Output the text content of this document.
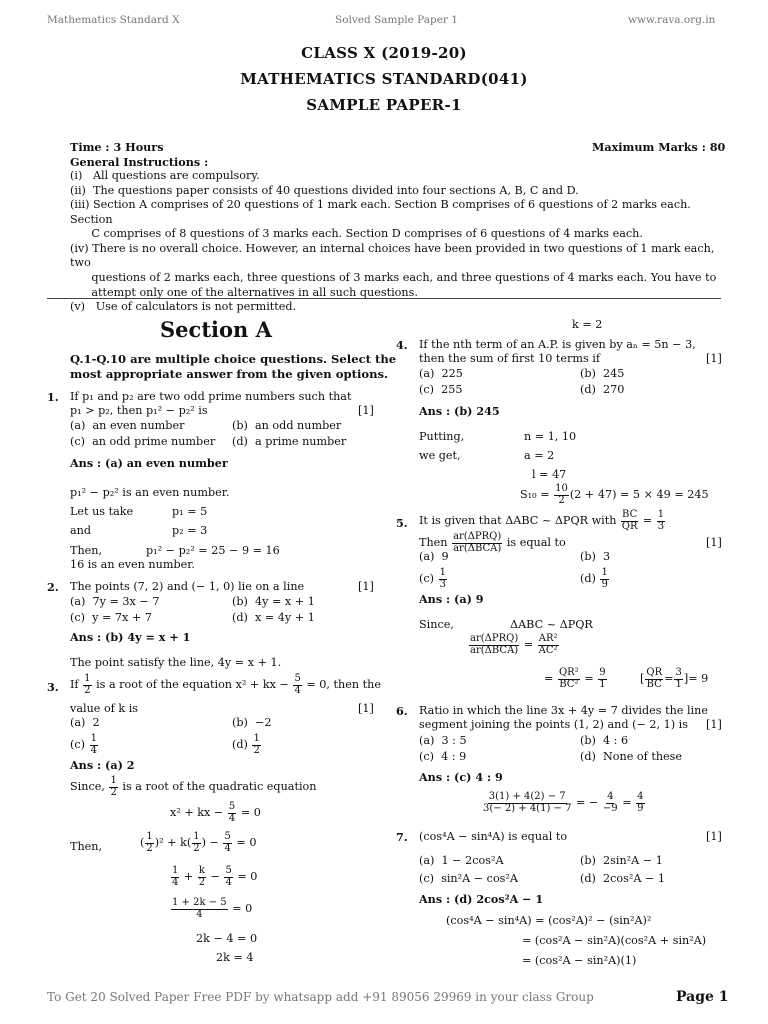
Mathematics Standard X	Solved Sample Paper 1	www.rava.org.in
CLASS X (2019-20)
MATHEMATICS STANDARD(041)
SAMPLE PAPER-1
Time : 3 Hours	Maximum Marks : 80
General Instructions :
(i)   All questions are compulsory.
(ii)  The questions paper consists of 40 questions divided into four sections A, B, C and D.
(iii) Section A comprises of 20 questions of 1 mark each. Section B comprises of 6 questions of 2 marks each. Section
C comprises of 8 questions of 3 marks each. Section D comprises of 6 questions of 4 marks each.
(iv) There is no overall choice. However, an internal choices have been provided in two questions of 1 mark each, two
questions of 2 marks each, three questions of 3 marks each, and three questions of 4 marks each. You have to
attempt only one of the alternatives in all such questions.
(v)   Use of calculators is not permitted.
Section A
Q.1-Q.10 are multiple choice questions. Select the
most appropriate answer from the given options.
1. If p₁ and p₂ are two odd prime numbers such that
p₁ > p₂, then p₁² − p₂² is	[1]
(a)  an even number	(b)  an odd number
(c)  an odd prime number (d)  a prime number
Ans : (a) an even number
p₁² − p₂² is an even number.
Let us take	p₁ = 5
and	p₂ = 3
Then,	p₁² − p₂² = 25 − 9 = 16
16 is an even number.
2. The points (7, 2) and (− 1, 0) lie on a line	[1]
(a)  7y = 3x − 7	(b)  4y = x + 1
(c)  y = 7x + 7	(d)  x = 4y + 1
Ans : (b) 4y = x + 1
The point satisfy the line, 4y = x + 1.
3. If $\frac{1}{2}$ is a root of the equation x² + kx − $\frac{5}{4} = 0$, then the
value of k is	[1]
(a)  2	(b)  −2
$(c) \frac{1}{4}$	$(d) \frac{1}{2}$
Ans : (a) 2
Since, $\frac{1}{2}$ is a root of the quadratic equation
x² + kx − $\frac{5}{4} = 0$
Then,	( $\frac{1}{2} )^2 + k( \frac{1}{2}$ ) − $\frac{5}{4} = 0$
$\frac{1}{4} + \frac{k}{2} - \frac{5}{4} = 0$
$\frac{1 + 2k - 5}{4} = 0$
2k − 4 = 0
2k = 4
k = 2
4. If the nth term of an A.P. is given by aₙ = 5n − 3,
then the sum of first 10 terms if	[1]
(a)  225	(b)  245
(c)  255	(d)  270
Ans : (b) 245
Putting,	n = 1, 10
we get,	a = 2
l = 47
$S_{10} = \frac{10}{2} (2 + 47) = 5 \times 49 = 245$
5. It is given that ΔABC ~ ΔPQR with $\frac{BC}{QR} = \frac{1}{3}$
Then $\frac{\text{ar(ΔPRQ)}}{\text{ar(ΔBCA)}}$ is equal to	[1]
(a)  9	(b)  3
$(c) \frac{1}{3}$	$(d) \frac{1}{9}$
Ans : (a) 9
Since,	ΔABC ~ ΔPQR
$\frac{\text{ar(ΔPRQ)}}{\text{ar(ΔBCA)}} = \frac{\text{AR²}}{\text{AC²}}$
= $\frac{\text{QR²}}{\text{BC²}} = \frac{9}{1}$	[ $\frac{QR}{BC} = \frac{3}{1}$ ]= 9
6. Ratio in which the line 3x + 4y = 7 divides the line
segment joining the points (1, 2) and (− 2, 1) is [1]
(a)  3 : 5	(b)  4 : 6
(c)  4 : 9	(d)  None of these
Ans : (c) 4 : 9
$\frac{3(1) + 4(2) - 7}{3(- 2) + 4(1) - 7}$ = − $\frac{4}{-9} = \frac{4}{9}$
7. (cos⁴A − sin⁴A) is equal to	[1]
(a)  1 − 2cos²A	(b)  2sin²A − 1
(c)  sin²A − cos²A	(d)  2cos²A − 1
Ans : (d) 2cos²A − 1
(cos⁴A − sin⁴A) = (cos²A)² − (sin²A)²
= (cos²A − sin²A)(cos²A + sin²A)
= (cos²A − sin²A)(1)
To Get 20 Solved Paper Free PDF by whatsapp add +91 89056 29969 in your class Group	Page 1
